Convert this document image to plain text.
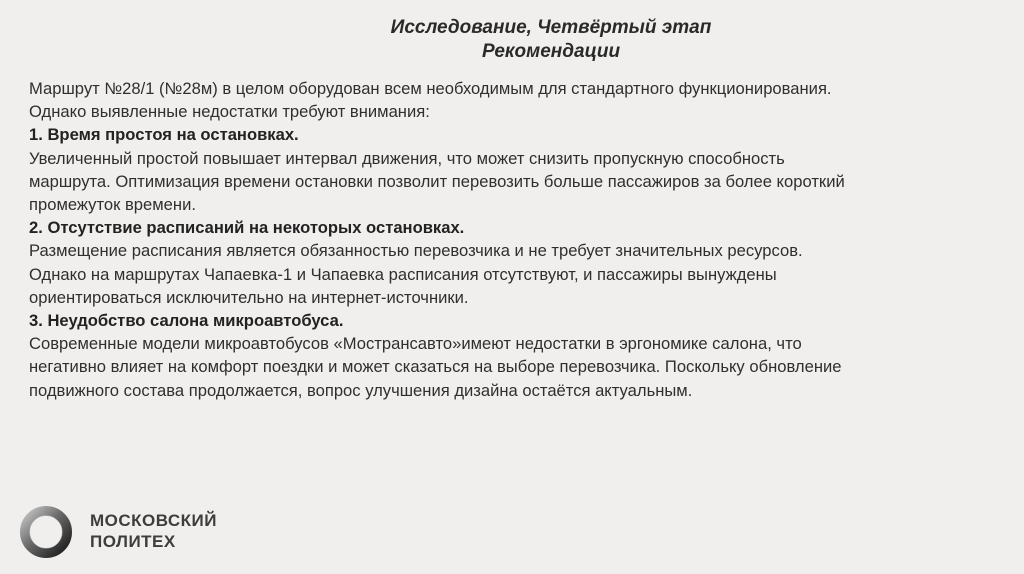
Исследование, Четвёртый этап
Рекомендации

Маршрут №28/1 (№28м) в целом оборудован всем необходимым для стандартного функционирования.

Однако выявленные недостатки требуют внимания:

1. Время простоя на остановках.

Увеличенный простой повышает интервал движения, что может снизить пропускную способность

маршрута. Оптимизация времени остановки позволит перевозить больше пассажиров за более короткий

промежуток времени.

2. Отсутствие расписаний на некоторых остановках.

Размещение расписания является обязанностью перевозчика и не требует значительных ресурсов.

Однако на маршрутах Чапаевка-1 и Чапаевка расписания отсутствуют, и пассажиры вынуждены

ориентироваться исключительно на интернет-источники.

3. Неудобство салона микроавтобуса.

Современные модели микроавтобусов «Мострансавто»имеют недостатки в эргономике салона, что

негативно влияет на комфорт поездки и может сказаться на выборе перевозчика. Поскольку обновление

подвижного состава продолжается, вопрос улучшения дизайна остаётся актуальным.

МОСКОВСКИЙ
ПОЛИТЕХ
